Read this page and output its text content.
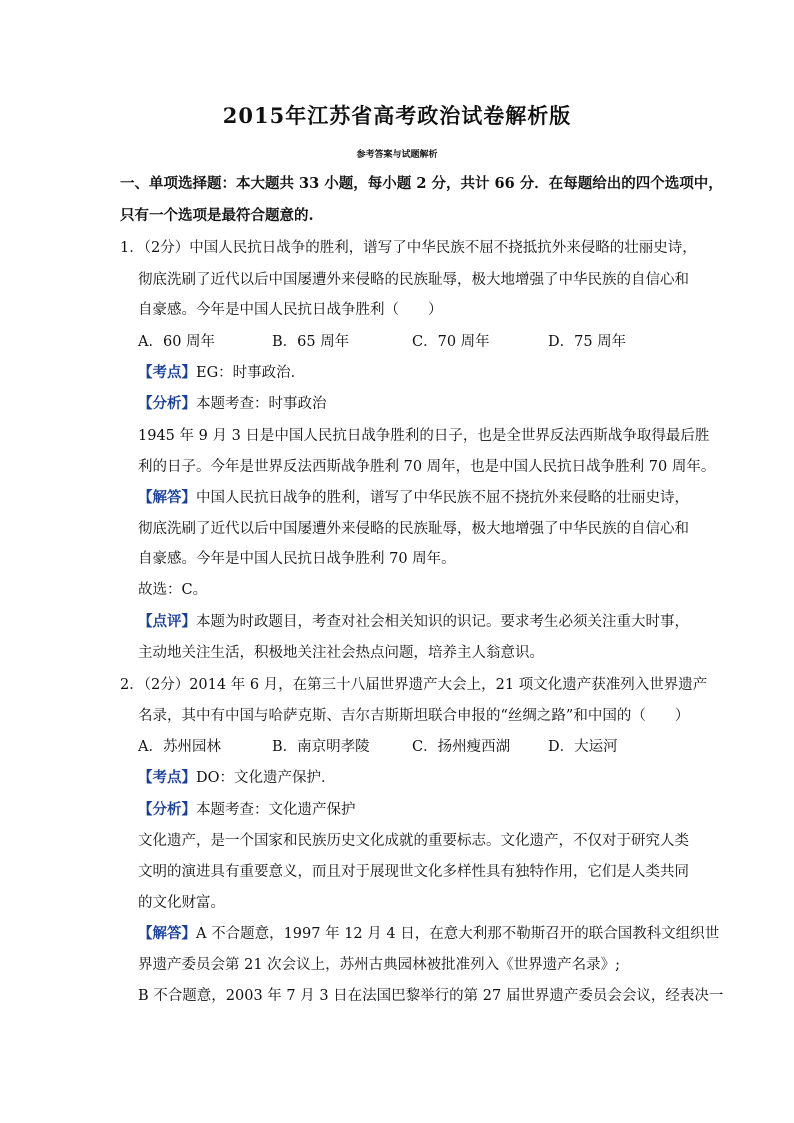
2015年江苏省高考政治试卷解析版
参考答案与试题解析
一、单项选择题：本大题共 33 小题，每小题 2 分，共计 66 分．在每题给出的四个选项中，
只有一个选项是最符合题意的.
1．（2分）中国人民抗日战争的胜利，谱写了中华民族不屈不挠抵抗外来侵略的壮丽史诗，
彻底洗刷了近代以后中国屡遭外来侵略的民族耻辱，极大地增强了中华民族的自信心和
自豪感。今年是中国人民抗日战争胜利（　　）
A．60 周年	B．65 周年	C．70 周年	D．75 周年
【考点】EG：时事政治．
【分析】本题考查：时事政治
1945 年 9 月 3 日是中国人民抗日战争胜利的日子，也是全世界反法西斯战争取得最后胜
利的日子。今年是世界反法西斯战争胜利 70 周年，也是中国人民抗日战争胜利 70 周年。
【解答】中国人民抗日战争的胜利，谱写了中华民族不屈不挠抗外来侵略的壮丽史诗，
彻底洗刷了近代以后中国屡遭外来侵略的民族耻辱，极大地增强了中华民族的自信心和
自豪感。今年是中国人民抗日战争胜利 70 周年。
故选：C。
【点评】本题为时政题目，考查对社会相关知识的识记。要求考生必须关注重大时事，
主动地关注生活，积极地关注社会热点问题，培养主人翁意识。
2．（2分）2014 年 6 月，在第三十八届世界遗产大会上，21 项文化遗产获准列入世界遗产
名录，其中有中国与哈萨克斯、吉尔吉斯斯坦联合申报的“丝绸之路”和中国的（　　）
A．苏州园林	B．南京明孝陵	C．扬州瘦西湖	D．大运河
【考点】DO：文化遗产保护．
【分析】本题考查：文化遗产保护
文化遗产，是一个国家和民族历史文化成就的重要标志。文化遗产，不仅对于研究人类
文明的演进具有重要意义，而且对于展现世文化多样性具有独特作用，它们是人类共同
的文化财富。
【解答】A 不合题意，1997 年 12 月 4 日，在意大利那不勒斯召开的联合国教科文组织世
界遗产委员会第 21 次会议上，苏州古典园林被批准列入《世界遗产名录》;
B 不合题意，2003 年 7 月 3 日在法国巴黎举行的第 27 届世界遗产委员会会议，经表决一
